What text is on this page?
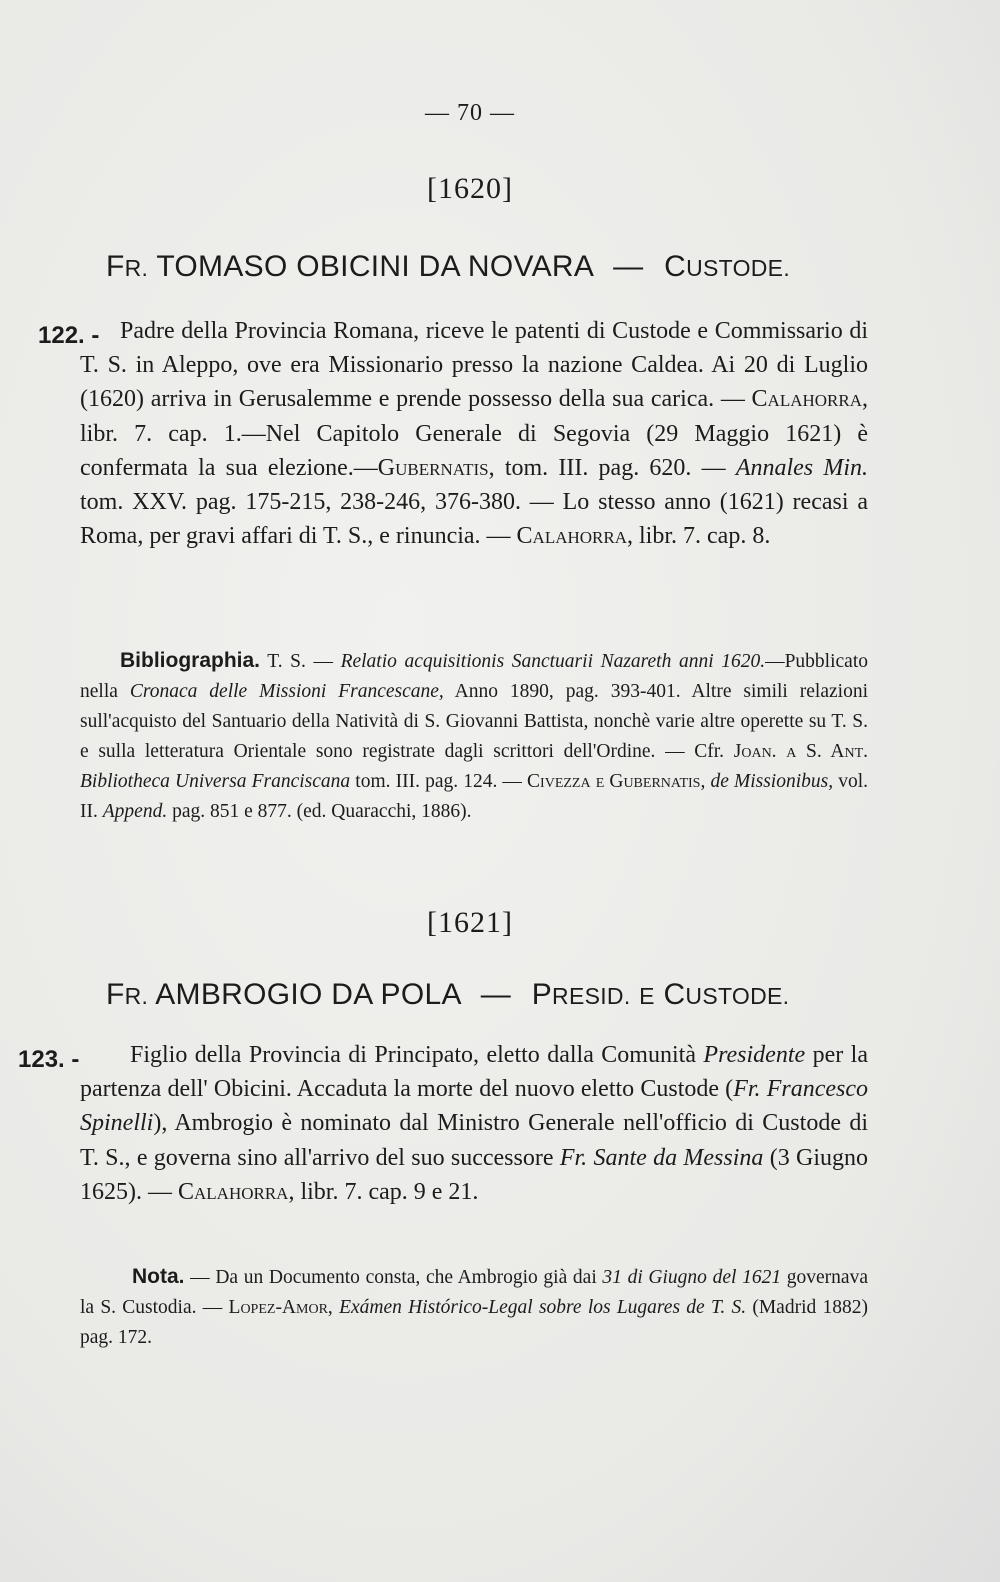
— 70 —
[1620]
FR. TOMASO OBICINI DA NOVARA — CUSTODE.
122. - Padre della Provincia Romana, riceve le patenti di Custode e Commissario di T. S. in Aleppo, ove era Missionario presso la nazione Caldea. Ai 20 di Luglio (1620) arriva in Gerusalemme e prende possesso della sua carica. — Calahorra, libr. 7. cap. 1.—Nel Capitolo Generale di Segovia (29 Maggio 1621) è confermata la sua elezione.—Gubernatis, tom. III. pag. 620. — Annales Min. tom. XXV. pag. 175-215, 238-246, 376-380. — Lo stesso anno (1621) recasi a Roma, per gravi affari di T. S., e rinuncia. — Calahorra, libr. 7. cap. 8.
Bibliographia. T. S. — Relatio acquisitionis Sanctuarii Nazareth anni 1620.—Pubblicato nella Cronaca delle Missioni Francescane, Anno 1890, pag. 393-401. Altre simili relazioni sull'acquisto del Santuario della Natività di S. Giovanni Battista, nonchè varie altre operette su T. S. e sulla letteratura Orientale sono registrate dagli scrittori dell'Ordine. — Cfr. Joan. a S. Ant. Bibliotheca Universa Franciscana tom. III. pag. 124. — Civezza e Gubernatis, de Missionibus, vol. II. Append. pag. 851 e 877. (ed. Quaracchi, 1886).
[1621]
FR. AMBROGIO DA POLA — PRESID. E CUSTODE.
123. -	Figlio della Provincia di Principato, eletto dalla Comunità Presidente per la partenza dell' Obicini. Accaduta la morte del nuovo eletto Custode (Fr. Francesco Spinelli), Ambrogio è nominato dal Ministro Generale nell'officio di Custode di T. S., e governa sino all'arrivo del suo successore Fr. Sante da Messina (3 Giugno 1625). — Calahorra, libr. 7. cap. 9 e 21.
Nota. — Da un Documento consta, che Ambrogio già dai 31 di Giugno del 1621 governava la S. Custodia. — Lopez-Amor, Exámen Histórico-Legal sobre los Lugares de T. S. (Madrid 1882) pag. 172.
